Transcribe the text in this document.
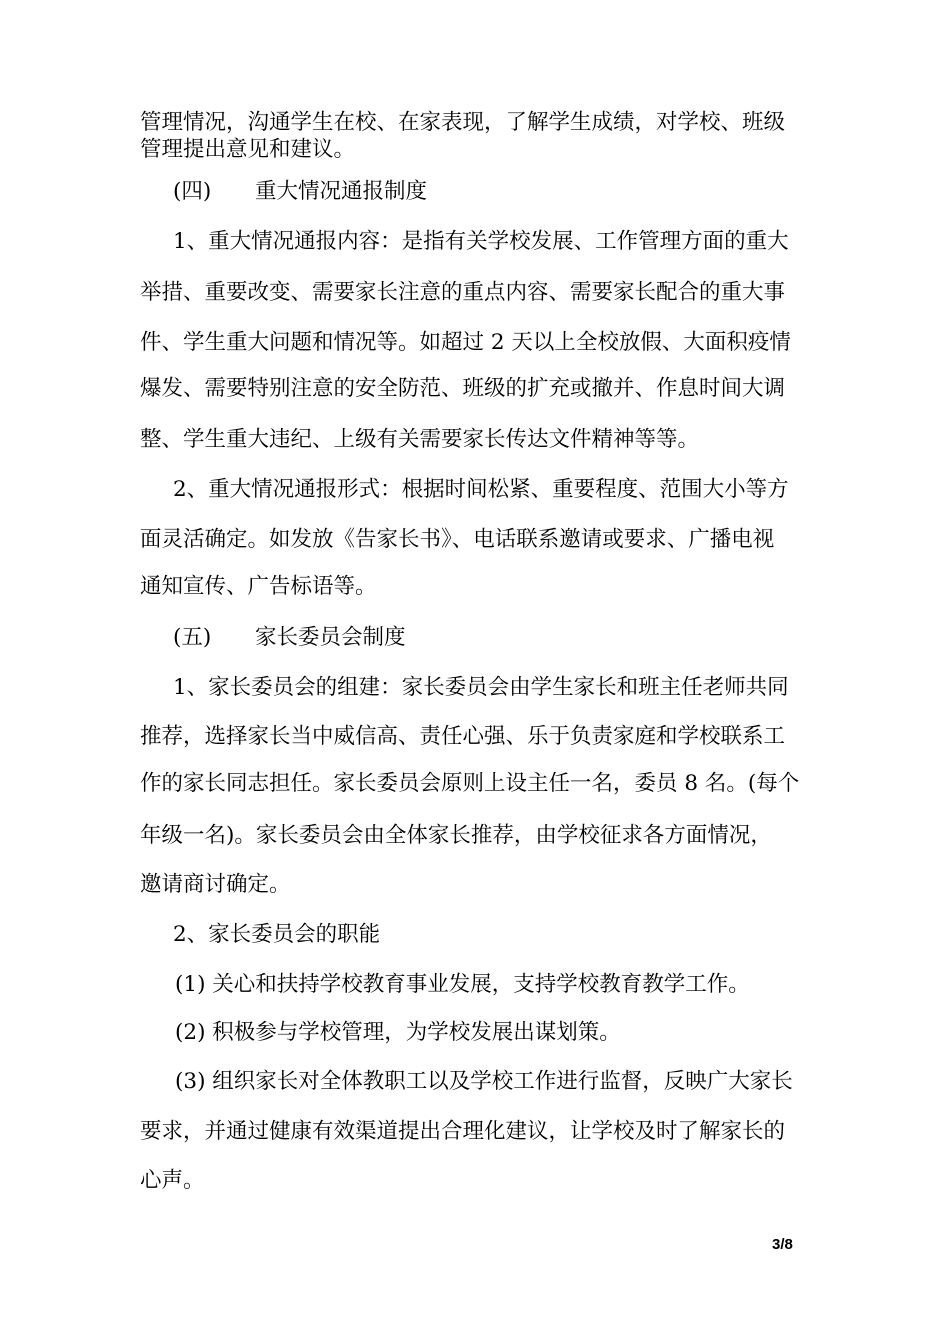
管理情况，沟通学生在校、在家表现，了解学生成绩，对学校、班级
管理提出意见和建议。
(四) 重大情况通报制度
1、重大情况通报内容：是指有关学校发展、工作管理方面的重大
举措、重要改变、需要家长注意的重点内容、需要家长配合的重大事
件、学生重大问题和情况等。如超过 2 天以上全校放假、大面积疫情
爆发、需要特别注意的安全防范、班级的扩充或撤并、作息时间大调
整、学生重大违纪、上级有关需要家长传达文件精神等等。
2、重大情况通报形式：根据时间松紧、重要程度、范围大小等方
面灵活确定。如发放《告家长书》、电话联系邀请或要求、广播电视
通知宣传、广告标语等。
(五) 家长委员会制度
1、家长委员会的组建：家长委员会由学生家长和班主任老师共同
推荐，选择家长当中威信高、责任心强、乐于负责家庭和学校联系工
作的家长同志担任。家长委员会原则上设主任一名，委员 8 名。(每个
年级一名)。家长委员会由全体家长推荐，由学校征求各方面情况，
邀请商讨确定。
2、家长委员会的职能
(1) 关心和扶持学校教育事业发展，支持学校教育教学工作。
(2) 积极参与学校管理，为学校发展出谋划策。
(3) 组织家长对全体教职工以及学校工作进行监督，反映广大家长
要求，并通过健康有效渠道提出合理化建议，让学校及时了解家长的
心声。
3/8
